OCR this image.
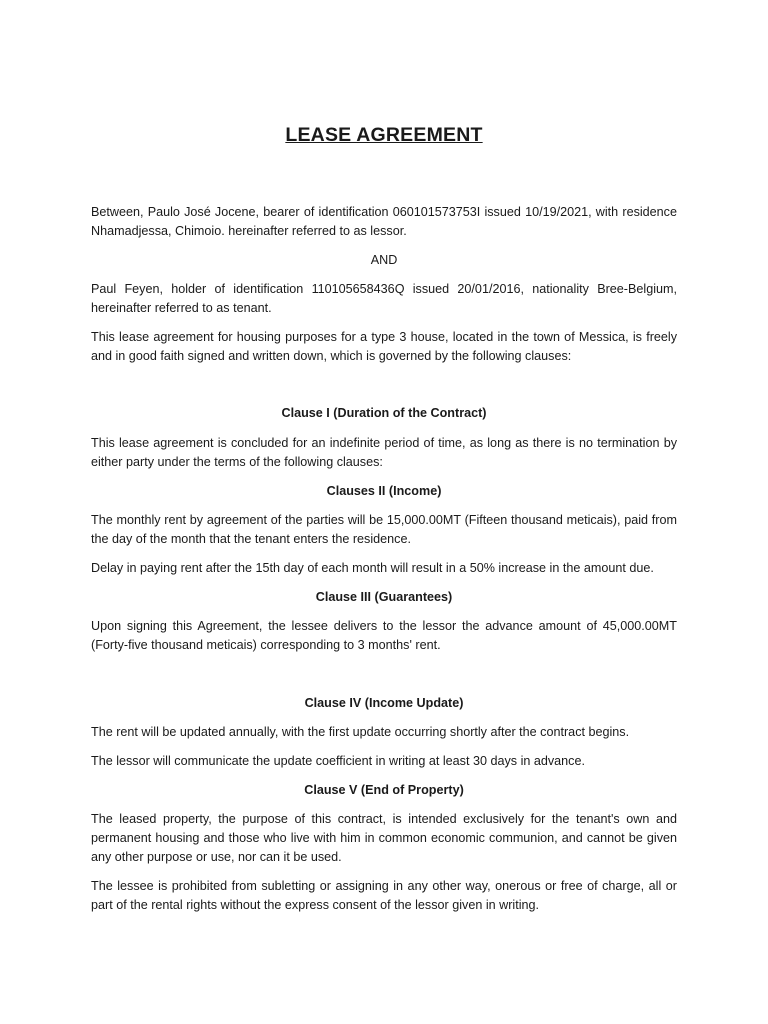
LEASE AGREEMENT

Between, Paulo José Jocene, bearer of identification 060101573753I issued 10/19/2021, with residence Nhamadjessa, Chimoio. hereinafter referred to as lessor.

AND

Paul Feyen, holder of identification 110105658436Q issued 20/01/2016, nationality Bree-Belgium, hereinafter referred to as tenant.

This lease agreement for housing purposes for a type 3 house, located in the town of Messica, is freely and in good faith signed and written down, which is governed by the following clauses:

Clause I (Duration of the Contract)

This lease agreement is concluded for an indefinite period of time, as long as there is no termination by either party under the terms of the following clauses:

Clauses II (Income)

The monthly rent by agreement of the parties will be 15,000.00MT (Fifteen thousand meticais), paid from the day of the month that the tenant enters the residence.

Delay in paying rent after the 15th day of each month will result in a 50% increase in the amount due.

Clause III (Guarantees)

Upon signing this Agreement, the lessee delivers to the lessor the advance amount of 45,000.00MT (Forty-five thousand meticais) corresponding to 3 months' rent.

Clause IV (Income Update)

The rent will be updated annually, with the first update occurring shortly after the contract begins.

The lessor will communicate the update coefficient in writing at least 30 days in advance.

Clause V (End of Property)

The leased property, the purpose of this contract, is intended exclusively for the tenant's own and permanent housing and those who live with him in common economic communion, and cannot be given any other purpose or use, nor can it be used.

The lessee is prohibited from subletting or assigning in any other way, onerous or free of charge, all or part of the rental rights without the express consent of the lessor given in writing.
